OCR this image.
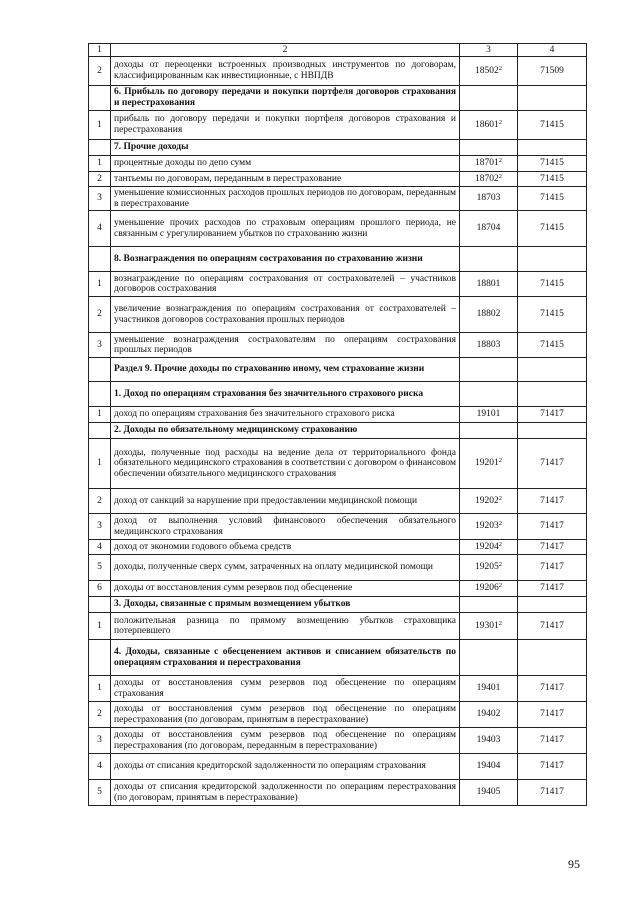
1	2	3	4
2	доходы от переоценки встроенных производных инструментов по договорам, классифицированным как инвестиционные, с НВПДВ	18502$^2$	71509
	6. Прибыль по договору передачи и покупки портфеля договоров страхования и перестрахования		
1	прибыль по договору передачи и покупки портфеля договоров страхования и перестрахования	18601$^2$	71415
	7. Прочие доходы		
1	процентные доходы по депо сумм	18701$^2$	71415
2	тантьемы по договорам, переданным в перестрахование	18702$^2$	71415
3	уменьшение комиссионных расходов прошлых периодов по договорам, переданным в перестрахование	18703	71415
4	уменьшение прочих расходов по страховым операциям прошлого периода, не связанным с урегулированием убытков по страхованию жизни	18704	71415
	8. Вознаграждения по операциям сострахования по страхованию жизни		
1	вознаграждение по операциям сострахования от сострахователей – участников договоров сострахования	18801	71415
2	увеличение вознаграждения по операциям сострахования от сострахователей – участников договоров сострахования прошлых периодов	18802	71415
3	уменьшение вознаграждения сострахователям по операциям сострахования прошлых периодов	18803	71415
	Раздел 9. Прочие доходы по страхованию иному, чем страхование жизни		
	1. Доход по операциям страхования без значительного страхового риска		
1	доход по операциям страхования без значительного страхового риска	19101	71417
	2. Доходы по обязательному медицинскому страхованию		
1	доходы, полученные под расходы на ведение дела от территориального фонда обязательного медицинского страхования в соответствии с договором о финансовом обеспечении обязательного медицинского страхования	19201$^2$	71417
2	доход от санкций за нарушение при предоставлении медицинской помощи	19202$^2$	71417
3	доход от выполнения условий финансового обеспечения обязательного медицинского страхования	19203$^2$	71417
4	доход от экономии годового объема средств	19204$^2$	71417
5	доходы, полученные сверх сумм, затраченных на оплату медицинской помощи	19205$^2$	71417
6	доходы от восстановления сумм резервов под обесценение	19206$^2$	71417
	3. Доходы, связанные с прямым возмещением убытков		
1	положительная разница по прямому возмещению убытков страховщика потерпевшего	19301$^2$	71417
	4. Доходы, связанные с обесценением активов и списанием обязательств по операциям страхования и перестрахования		
1	доходы от восстановления сумм резервов под обесценение по операциям страхования	19401	71417
2	доходы от восстановления сумм резервов под обесценение по операциям перестрахования (по договорам, принятым в перестрахование)	19402	71417
3	доходы от восстановления сумм резервов под обесценение по операциям перестрахования (по договорам, переданным в перестрахование)	19403	71417
4	доходы от списания кредиторской задолженности по операциям страхования	19404	71417
5	доходы от списания кредиторской задолженности по операциям перестрахования (по договорам, принятым в перестрахование)	19405	71417
95
